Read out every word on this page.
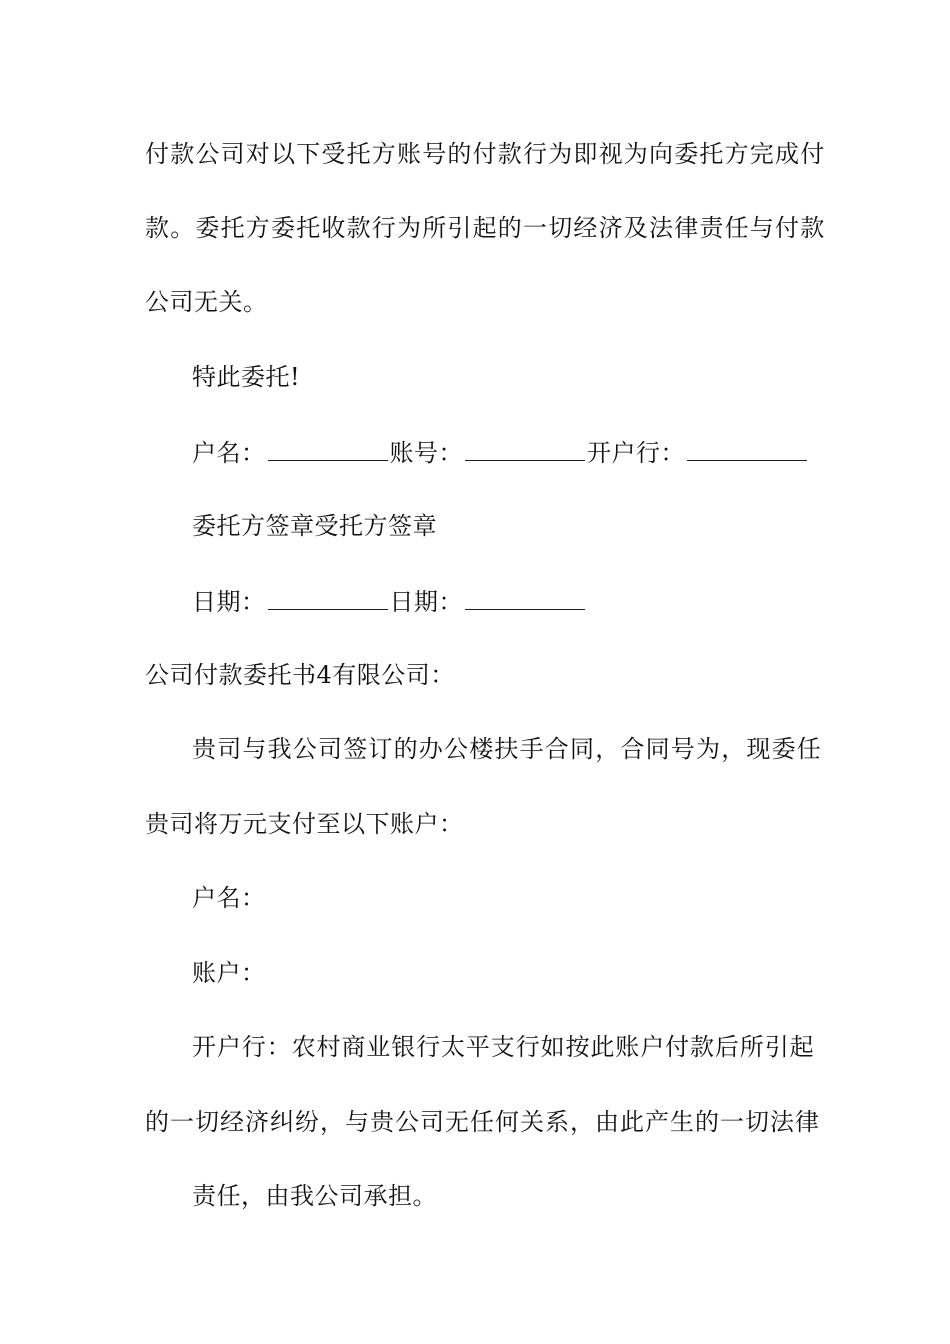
付款公司对以下受托方账号的付款行为即视为向委托方完成付
款。委托方委托收款行为所引起的一切经济及法律责任与付款
公司无关。
特此委托!
户名：	账号：	开户行：
委托方签章受托方签章
日期：	日期：
公司付款委托书4有限公司：
贵司与我公司签订的办公楼扶手合同，合同号为，现委任
贵司将万元支付至以下账户：
户名：
账户：
开户行：农村商业银行太平支行如按此账户付款后所引起
的一切经济纠纷，与贵公司无任何关系，由此产生的一切法律
责任，由我公司承担。
